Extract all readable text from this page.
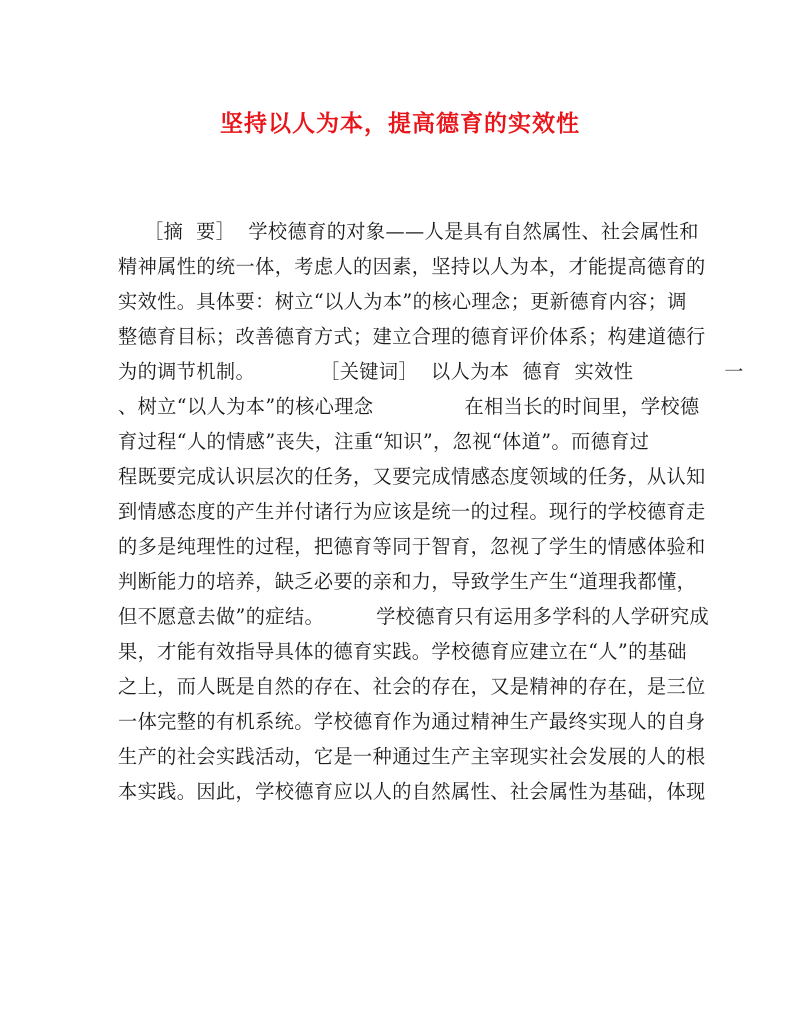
坚持以人为本，提高德育的实效性
［摘  要］  学校德育的对象——人是具有自然属性、社会属性和
精神属性的统一体，考虑人的因素，坚持以人为本，才能提高德育的
实效性。具体要：树立“以人为本”的核心理念；更新德育内容；调
整德育目标；改善德育方式；建立合理的德育评价体系；构建道德行
为的调节机制。          ［关键词］  以人为本  德育  实效性              一
、树立“以人为本”的核心理念              在相当长的时间里，学校德
育过程“人的情感”丧失，注重“知识”，忽视“体道”。而德育过
程既要完成认识层次的任务，又要完成情感态度领域的任务，从认知
到情感态度的产生并付诸行为应该是统一的过程。现行的学校德育走
的多是纯理性的过程，把德育等同于智育，忽视了学生的情感体验和
判断能力的培养，缺乏必要的亲和力，导致学生产生“道理我都懂，
但不愿意去做”的症结。        学校德育只有运用多学科的人学研究成
果，才能有效指导具体的德育实践。学校德育应建立在“人”的基础
之上，而人既是自然的存在、社会的存在，又是精神的存在，是三位
一体完整的有机系统。学校德育作为通过精神生产最终实现人的自身
生产的社会实践活动，它是一种通过生产主宰现实社会发展的人的根
本实践。因此，学校德育应以人的自然属性、社会属性为基础，体现
